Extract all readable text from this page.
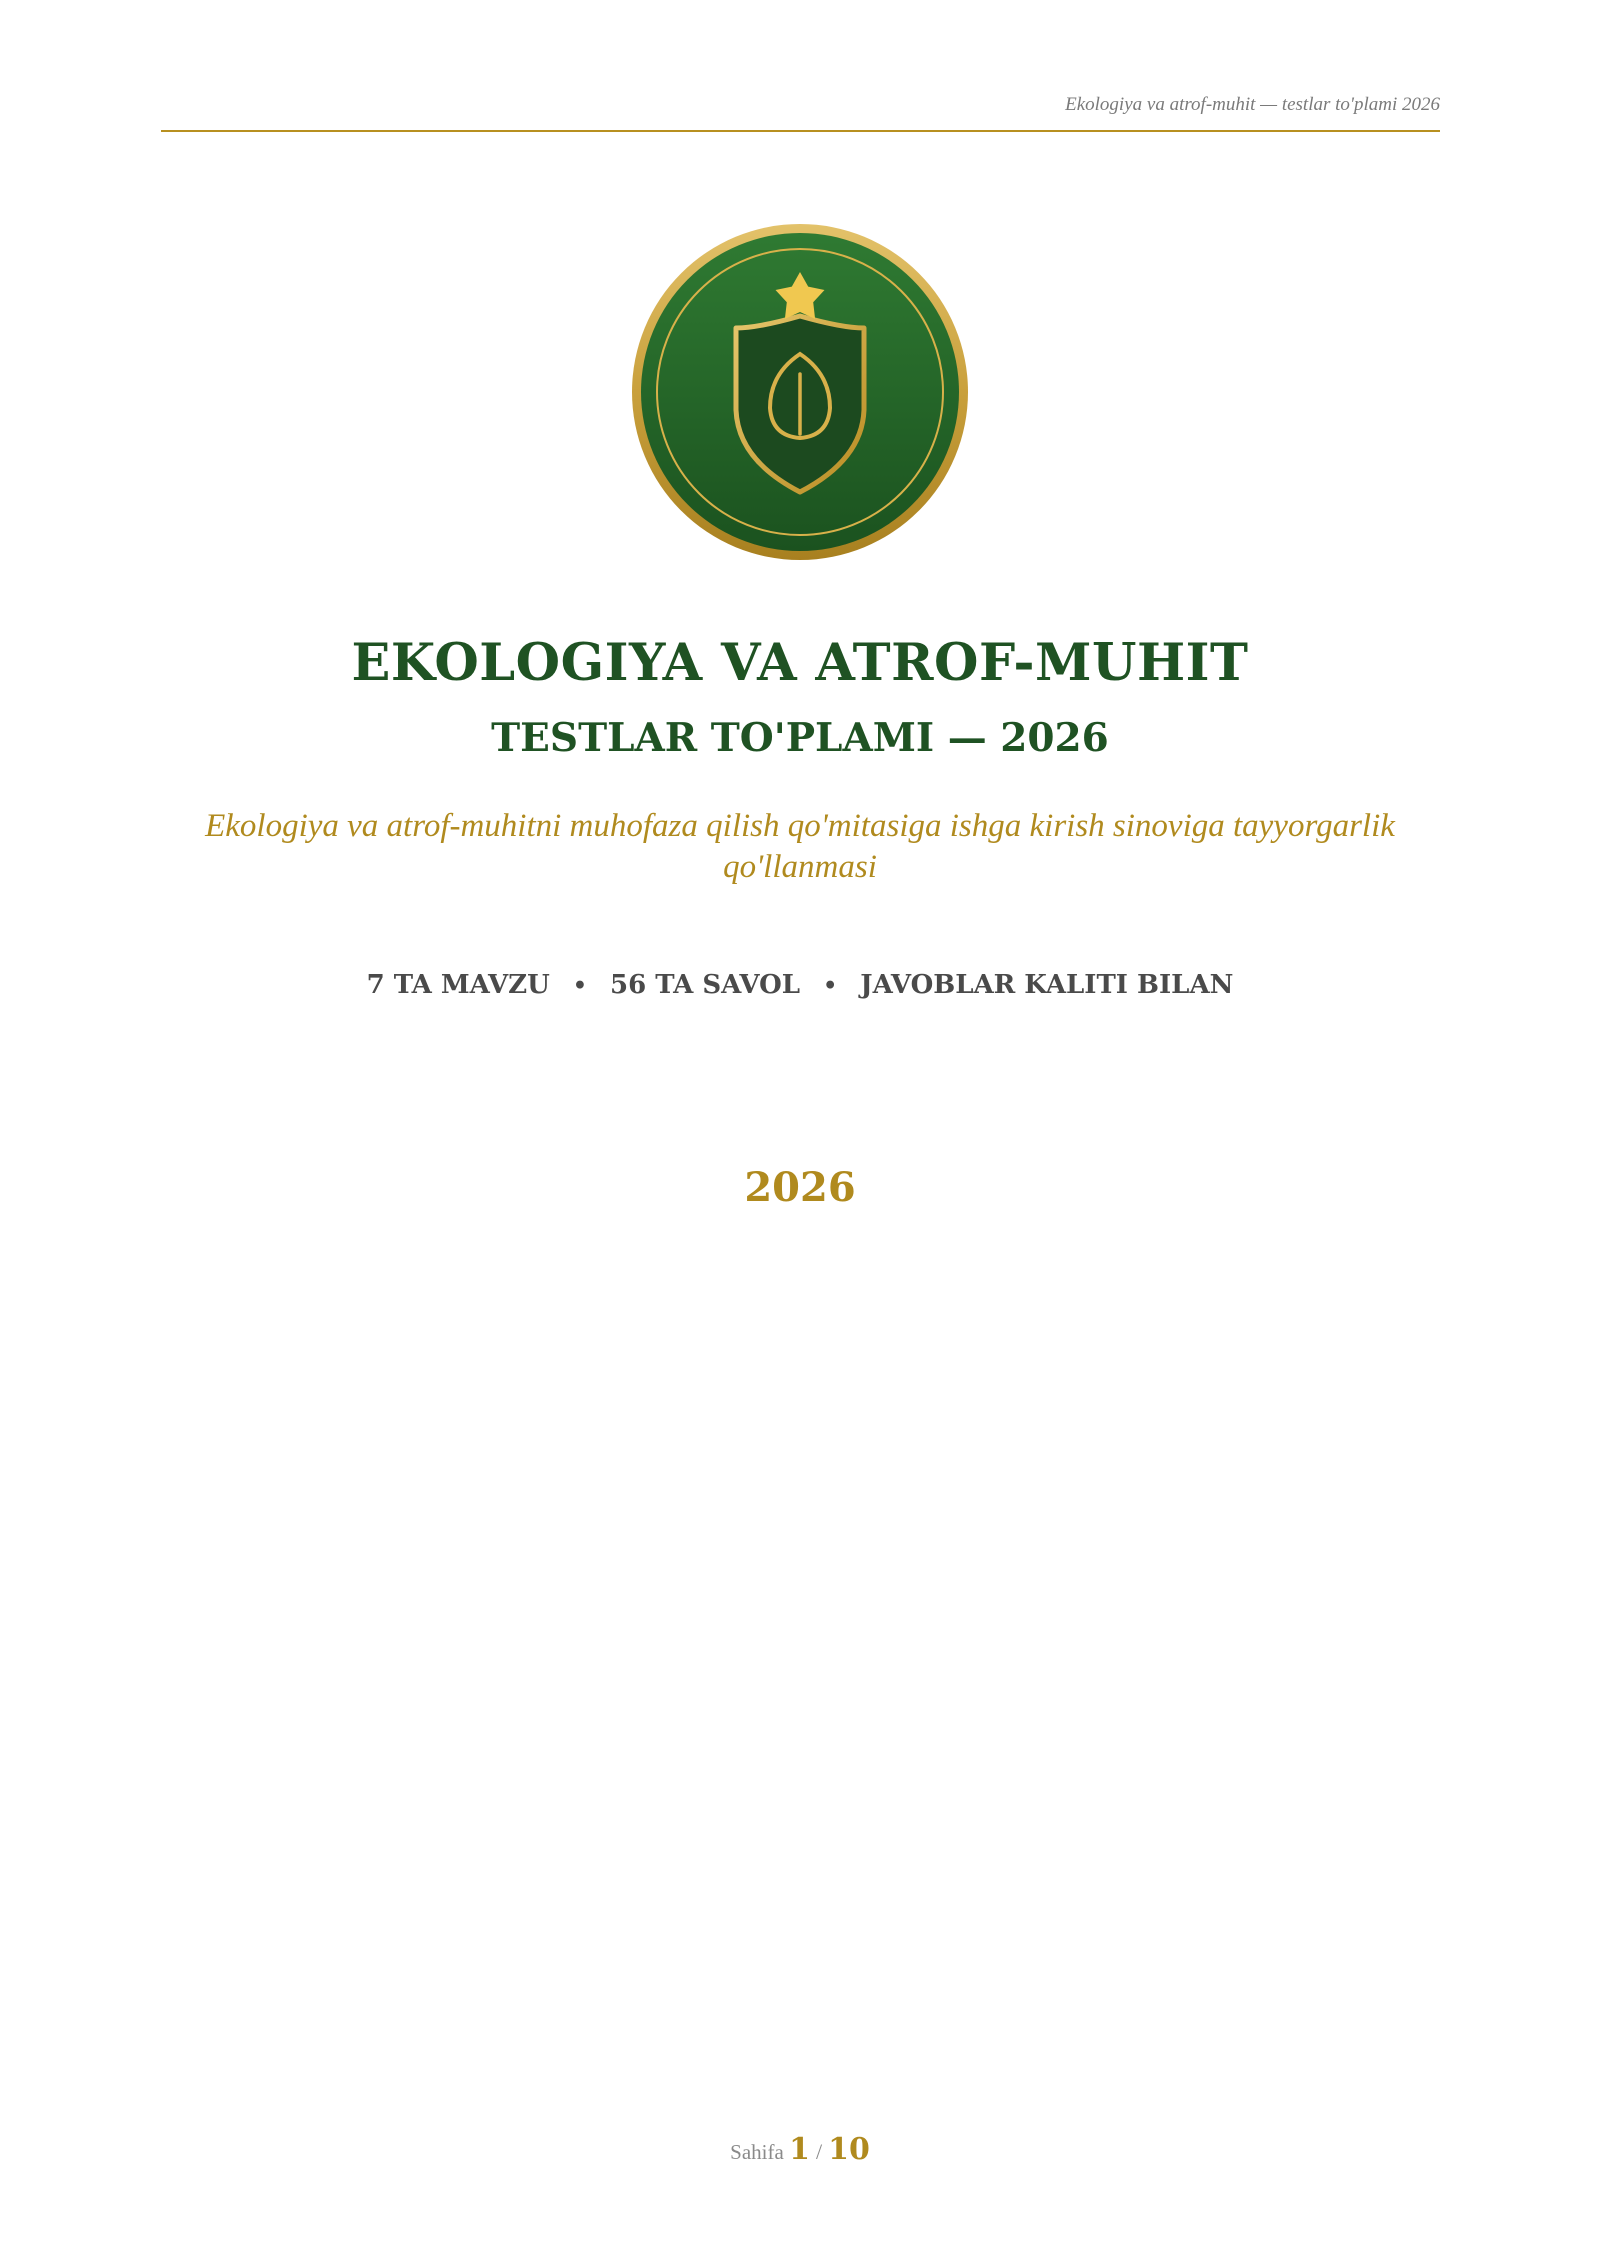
Ekologiya va atrof-muhit — testlar to'plami 2026
EKOLOGIYA VA ATROF-MUHIT
TESTLAR TO'PLAMI — 2026
Ekologiya va atrof-muhitni muhofaza qilish qo'mitasiga ishga kirish sinoviga tayyorgarlik qo'llanmasi
7 TA MAVZU • 56 TA SAVOL • JAVOBLAR KALITI BILAN
2026
Sahifa 1 / 10
